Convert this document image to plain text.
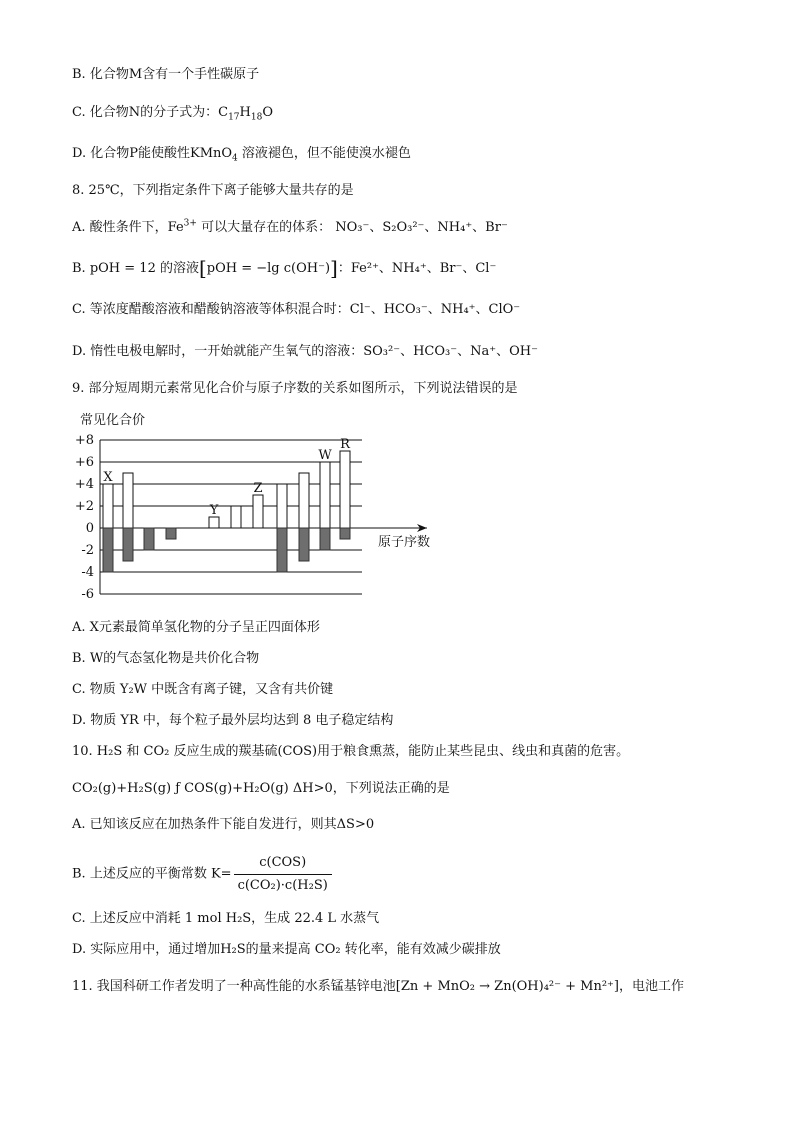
B. 化合物M含有一个手性碳原子
C. 化合物N的分子式为：$C_{17}H_{18}O$
D. 化合物P能使酸性KMnO$_4$ 溶液褪色，但不能使溴水褪色
8. 25℃，下列指定条件下离子能够大量共存的是
A. 酸性条件下，$Fe^{3+}$ 可以大量存在的体系： NO₃⁻、S₂O₃²⁻、NH₄⁺、Br⁻
B. pOH = 12 的溶液[pOH = −lg c(OH⁻)]：Fe²⁺、NH₄⁺、Br⁻、Cl⁻
C. 等浓度醋酸溶液和醋酸钠溶液等体积混合时：Cl⁻、HCO₃⁻、NH₄⁺、ClO⁻
D. 惰性电极电解时，一开始就能产生氧气的溶液：SO₃²⁻、HCO₃⁻、Na⁺、OH⁻
9. 部分短周期元素常见化合价与原子序数的关系如图所示，下列说法错误的是
常见化合价
+8
+6
+4
+2
0
-2
-4
-6
原子序数
X
Y
Z
W
R
A. X元素最简单氢化物的分子呈正四面体形
B. W的气态氢化物是共价化合物
C. 物质 Y₂W 中既含有离子键，又含有共价键
D. 物质 YR 中，每个粒子最外层均达到 8 电子稳定结构
10. H₂S 和 CO₂ 反应生成的羰基硫(COS)用于粮食熏蒸，能防止某些昆虫、线虫和真菌的危害。
CO₂(g)+H₂S(g) ƒ COS(g)+H₂O(g) ΔH>0，下列说法正确的是
A. 已知该反应在加热条件下能自发进行，则其ΔS>0
B. 上述反应的平衡常数 $K= \frac{\text{c(COS)}}{\text{c(CO₂)·c(H₂S)}}$
C. 上述反应中消耗 1 mol H₂S，生成 22.4 L 水蒸气
D. 实际应用中，通过增加H₂S的量来提高 CO₂ 转化率，能有效减少碳排放
11. 我国科研工作者发明了一种高性能的水系锰基锌电池[Zn + MnO₂ → Zn(OH)₄²⁻ + Mn²⁺]，电池工作
